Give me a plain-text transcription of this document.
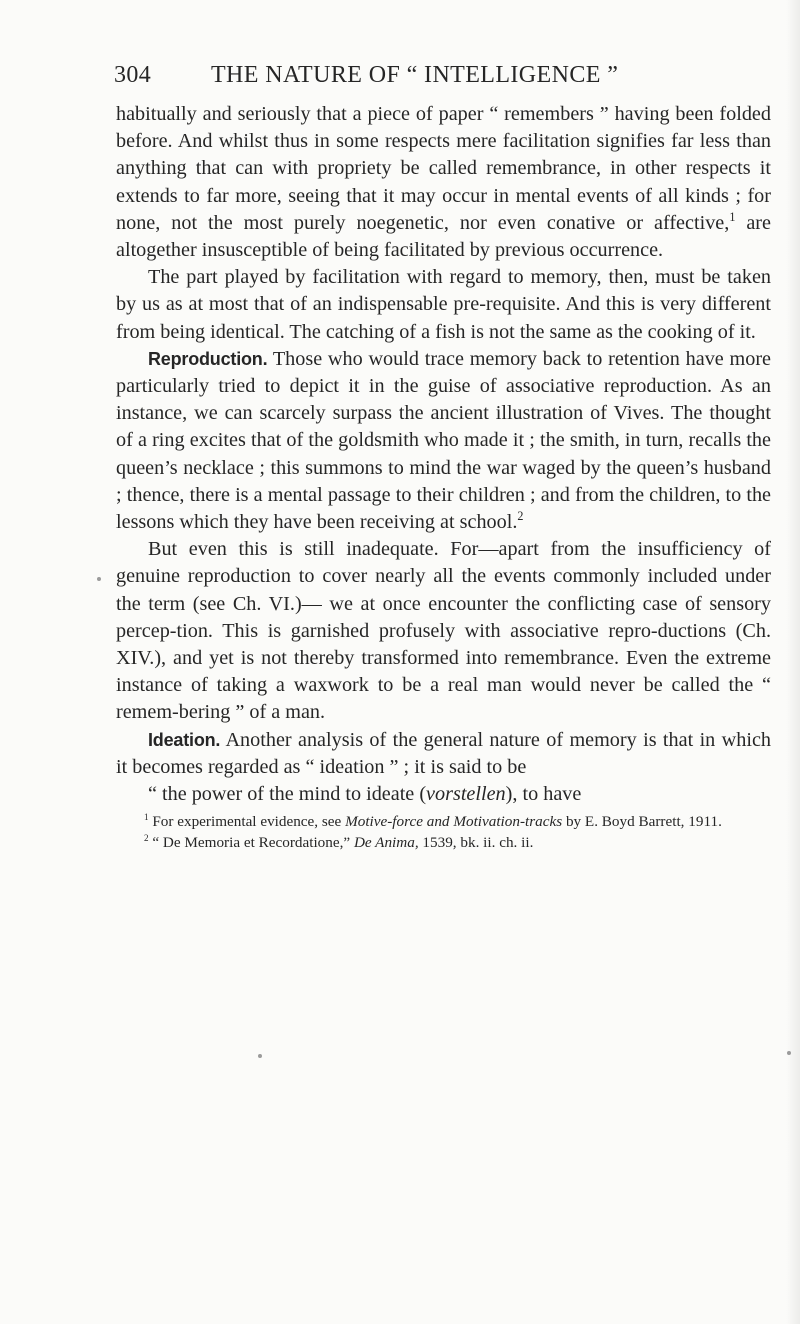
304 THE NATURE OF “ INTELLIGENCE ”

habitually and seriously that a piece of paper “ remembers ” having been folded before. And whilst thus in some respects mere facilitation signifies far less than anything that can with propriety be called remembrance, in other respects it extends to far more, seeing that it may occur in mental events of all kinds ; for none, not the most purely noegenetic, nor even conative or affective,$^1$ are altogether insusceptible of being facilitated by previous occurrence.

The part played by facilitation with regard to memory, then, must be taken by us as at most that of an indispensable pre-requisite. And this is very different from being identical. The catching of a fish is not the same as the cooking of it.

Reproduction. Those who would trace memory back to retention have more particularly tried to depict it in the guise of associative reproduction. As an instance, we can scarcely surpass the ancient illustration of Vives. The thought of a ring excites that of the goldsmith who made it ; the smith, in turn, recalls the queen’s necklace ; this summons to mind the war waged by the queen’s husband ; thence, there is a mental passage to their children ; and from the children, to the lessons which they have been receiving at school.$^2$

But even this is still inadequate. For—apart from the insufficiency of genuine reproduction to cover nearly all the events commonly included under the term (see Ch. VI.)— we at once encounter the conflicting case of sensory percep-tion. This is garnished profusely with associative repro-ductions (Ch. XIV.), and yet is not thereby transformed into remembrance. Even the extreme instance of taking a waxwork to be a real man would never be called the “ remem-bering ” of a man.

Ideation. Another analysis of the general nature of memory is that in which it becomes regarded as “ ideation ” ; it is said to be

“ the power of the mind to ideate (vorstellen), to have

$^1$ For experimental evidence, see Motive-force and Motivation-tracks by E. Boyd Barrett, 1911.

$^2$ “ De Memoria et Recordatione,” De Anima, 1539, bk. ii. ch. ii.
